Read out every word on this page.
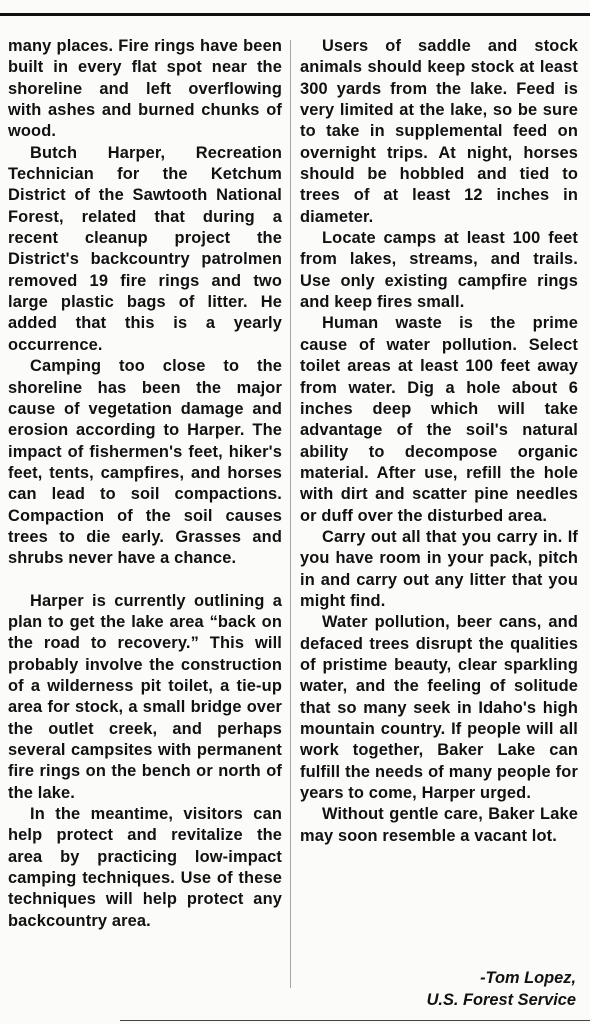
many places. Fire rings have been built in every flat spot near the shoreline and left overflowing with ashes and burned chunks of wood.

Butch Harper, Recreation Technician for the Ketchum District of the Sawtooth National Forest, related that during a recent cleanup project the District's backcountry patrolmen removed 19 fire rings and two large plastic bags of litter. He added that this is a yearly occurrence.

Camping too close to the shoreline has been the major cause of vegetation damage and erosion according to Harper. The impact of fishermen's feet, hiker's feet, tents, campfires, and horses can lead to soil compactions. Compaction of the soil causes trees to die early. Grasses and shrubs never have a chance.

Harper is currently outlining a plan to get the lake area “back on the road to recovery.” This will probably involve the construction of a wilderness pit toilet, a tie-up area for stock, a small bridge over the outlet creek, and perhaps several campsites with permanent fire rings on the bench or north of the lake.

In the meantime, visitors can help protect and revitalize the area by practicing low-impact camping techniques. Use of these techniques will help protect any backcountry area.

Users of saddle and stock animals should keep stock at least 300 yards from the lake. Feed is very limited at the lake, so be sure to take in supplemental feed on overnight trips. At night, horses should be hobbled and tied to trees of at least 12 inches in diameter.

Locate camps at least 100 feet from lakes, streams, and trails. Use only existing campfire rings and keep fires small.

Human waste is the prime cause of water pollution. Select toilet areas at least 100 feet away from water. Dig a hole about 6 inches deep which will take advantage of the soil's natural ability to decompose organic material. After use, refill the hole with dirt and scatter pine needles or duff over the disturbed area.

Carry out all that you carry in. If you have room in your pack, pitch in and carry out any litter that you might find.

Water pollution, beer cans, and defaced trees disrupt the qualities of pristime beauty, clear sparkling water, and the feeling of solitude that so many seek in Idaho's high mountain country. If people will all work together, Baker Lake can fulfill the needs of many people for years to come, Harper urged.

Without gentle care, Baker Lake may soon resemble a vacant lot.

-Tom Lopez,
U.S. Forest Service
